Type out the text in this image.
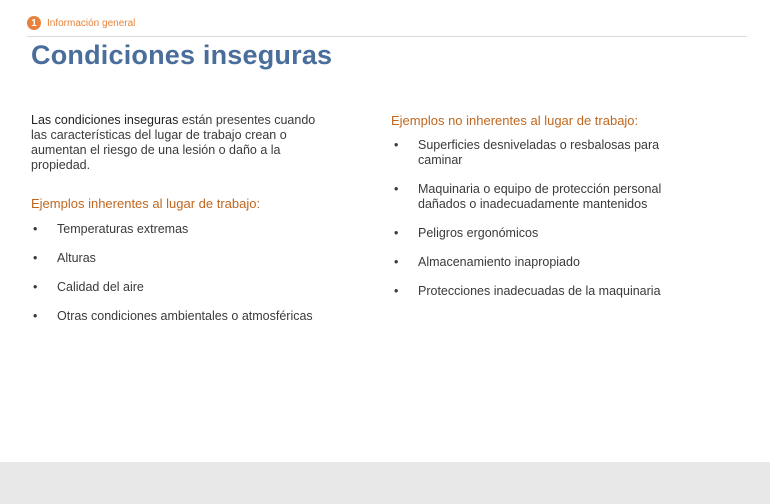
1	Información general
Condiciones inseguras
Las condiciones inseguras están presentes cuando las características del lugar de trabajo crean o aumentan el riesgo de una lesión o daño a la propiedad.
Ejemplos inherentes al lugar de trabajo:
• Temperaturas extremas
• Alturas
• Calidad del aire
• Otras condiciones ambientales o atmosféricas
Ejemplos no inherentes al lugar de trabajo:
• Superficies desniveladas o resbalosas para caminar
• Maquinaria o equipo de protección personal dañados o inadecuadamente mantenidos
• Peligros ergonómicos
• Almacenamiento inapropiado
• Protecciones inadecuadas de la maquinaria
